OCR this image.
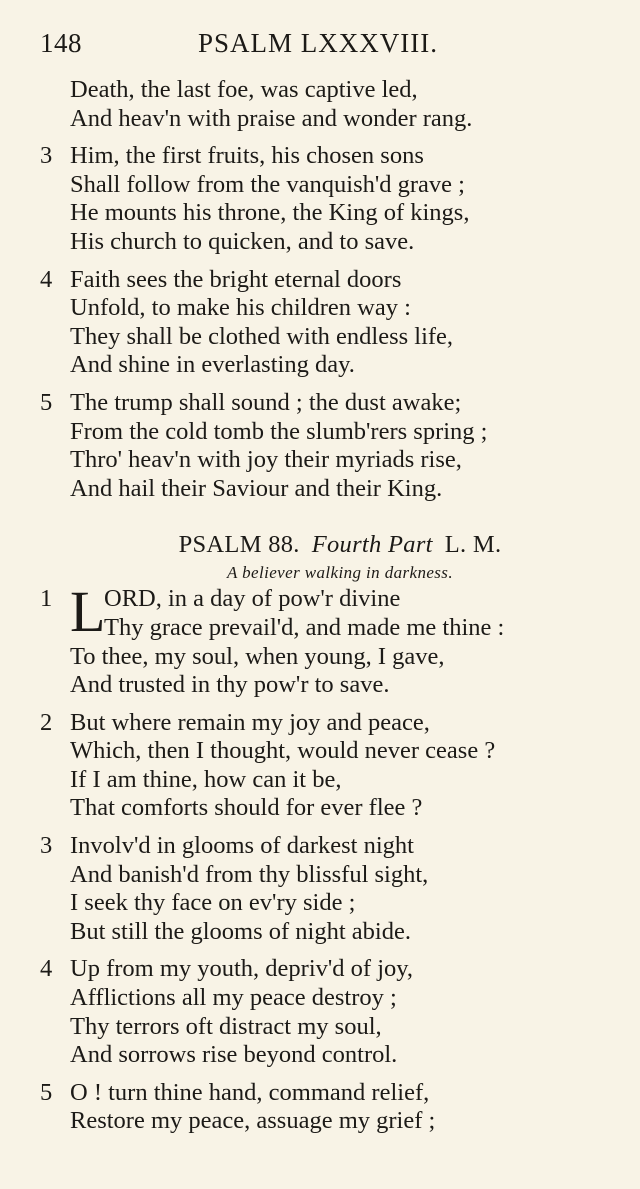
148	PSALM LXXXVIII.
Death, the last foe, was captive led,
And heav'n with praise and wonder rang.
3 Him, the first fruits, his chosen sons
Shall follow from the vanquish'd grave ;
He mounts his throne, the King of kings,
His church to quicken, and to save.
4 Faith sees the bright eternal doors
Unfold, to make his children way :
They shall be clothed with endless life,
And shine in everlasting day.
5 The trump shall sound ; the dust awake;
From the cold tomb the slumb'rers spring ;
Thro' heav'n with joy their myriads rise,
And hail their Saviour and their King.
PSALM 88. Fourth Part L. M.
A believer walking in darkness.
1 L
ORD, in a day of pow'r divine
Thy grace prevail'd, and made me thine :
To thee, my soul, when young, I gave,
And trusted in thy pow'r to save.
2 But where remain my joy and peace,
Which, then I thought, would never cease ?
If I am thine, how can it be,
That comforts should for ever flee ?
3 Involv'd in glooms of darkest night
And banish'd from thy blissful sight,
I seek thy face on ev'ry side ;
But still the glooms of night abide.
4 Up from my youth, depriv'd of joy,
Afflictions all my peace destroy ;
Thy terrors oft distract my soul,
And sorrows rise beyond control.
5 O ! turn thine hand, command relief,
Restore my peace, assuage my grief ;
